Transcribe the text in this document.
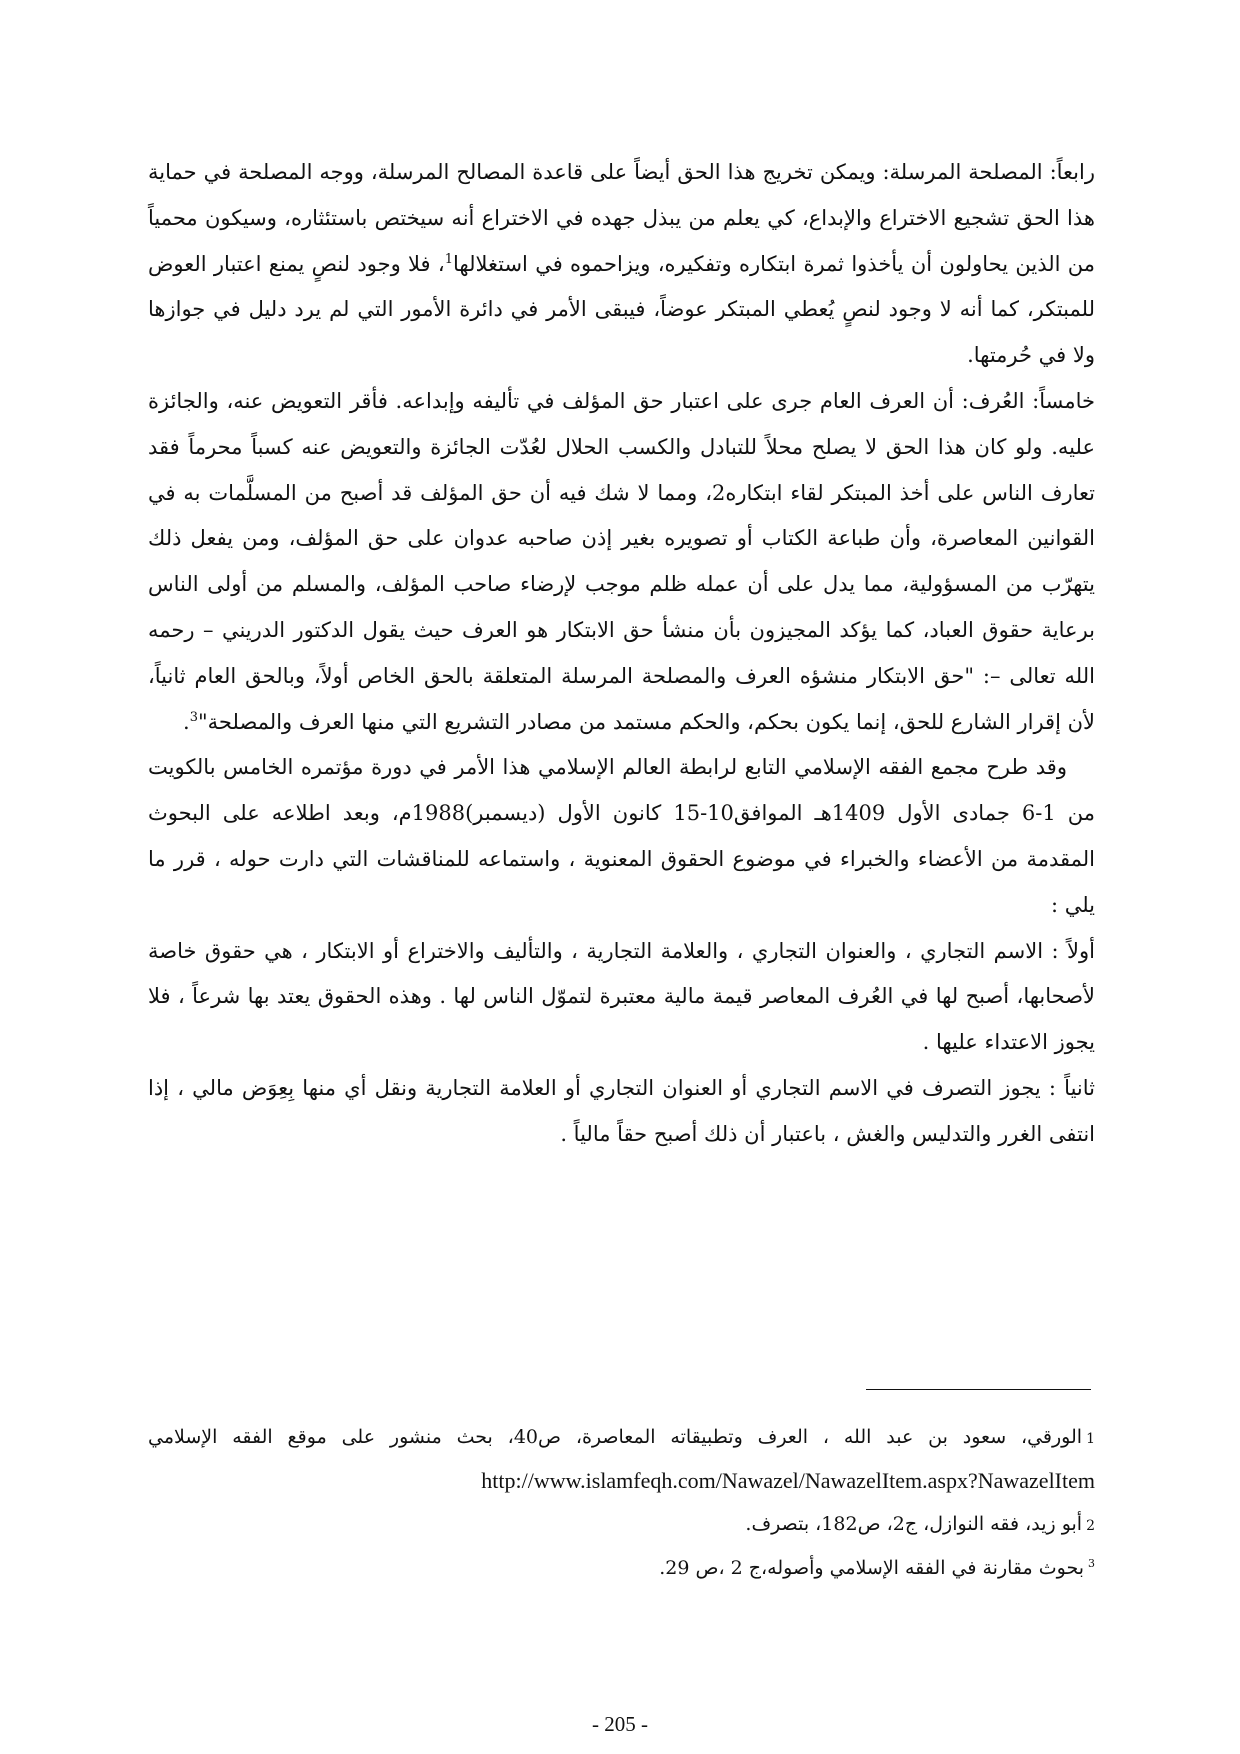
رابعاً: المصلحة المرسلة: ويمكن تخريج هذا الحق أيضاً على قاعدة المصالح المرسلة، ووجه المصلحة في حماية هذا الحق تشجيع الاختراع والإبداع، كي يعلم من يبذل جهده في الاختراع أنه سيختص باستئثاره، وسيكون محمياً من الذين يحاولون أن يأخذوا ثمرة ابتكاره وتفكيره، ويزاحموه في استغلالها$^1$، فلا وجود لنصٍ يمنع اعتبار العوض للمبتكر، كما أنه لا وجود لنصٍ يُعطي المبتكر عوضاً، فيبقى الأمر في دائرة الأمور التي لم يرد دليل في جوازها ولا في حُرمتها.

خامساً: العُرف: أن العرف العام جرى على اعتبار حق المؤلف في تأليفه وإبداعه. فأقر التعويض عنه، والجائزة عليه. ولو كان هذا الحق لا يصلح محلاً للتبادل والكسب الحلال لعُدّت الجائزة والتعويض عنه كسباً محرماً فقد تعارف الناس على أخذ المبتكر لقاء ابتكاره2، ومما لا شك فيه أن حق المؤلف قد أصبح من المسلَّمات به في القوانين المعاصرة، وأن طباعة الكتاب أو تصويره بغير إذن صاحبه عدوان على حق المؤلف، ومن يفعل ذلك يتهرّب من المسؤولية، مما يدل على أن عمله ظلم موجب لإرضاء صاحب المؤلف، والمسلم من أولى الناس برعاية حقوق العباد، كما يؤكد المجيزون بأن منشأ حق الابتكار هو العرف حيث يقول الدكتور الدريني – رحمه الله تعالى –: "حق الابتكار منشؤه العرف والمصلحة المرسلة المتعلقة بالحق الخاص أولاً، وبالحق العام ثانياً، لأن إقرار الشارع للحق، إنما يكون بحكم، والحكم مستمد من مصادر التشريع التي منها العرف والمصلحة"$^3$.

وقد طرح مجمع الفقه الإسلامي التابع لرابطة العالم الإسلامي هذا الأمر في دورة مؤتمره الخامس بالكويت من 1-6 جمادى الأول 1409هـ الموافق10-15 كانون الأول (ديسمبر)1988م، وبعد اطلاعه على البحوث المقدمة من الأعضاء والخبراء في موضوع الحقوق المعنوية ، واستماعه للمناقشات التي دارت حوله ، قرر ما يلي :

أولاً : الاسم التجاري ، والعنوان التجاري ، والعلامة التجارية ، والتأليف والاختراع أو الابتكار ، هي حقوق خاصة لأصحابها، أصبح لها في العُرف المعاصر قيمة مالية معتبرة لتموّل الناس لها . وهذه الحقوق يعتد بها شرعاً ، فلا يجوز الاعتداء عليها .

ثانياً : يجوز التصرف في الاسم التجاري أو العنوان التجاري أو العلامة التجارية ونقل أي منها بِعِوَض مالي ، إذا انتفى الغرر والتدليس والغش ، باعتبار أن ذلك أصبح حقاً مالياً .

1الورقي، سعود بن عبد الله ، العرف وتطبيقاته المعاصرة، ص40، بحث منشور على موقع الفقه الإسلامي http://www.islamfeqh.com/Nawazel/NawazelItem.aspx?NawazelItem

2أبو زيد، فقه النوازل، ج2، ص182، بتصرف.

$^3$بحوث مقارنة في الفقه الإسلامي وأصوله،ج 2 ،ص 29.

- 205 -
